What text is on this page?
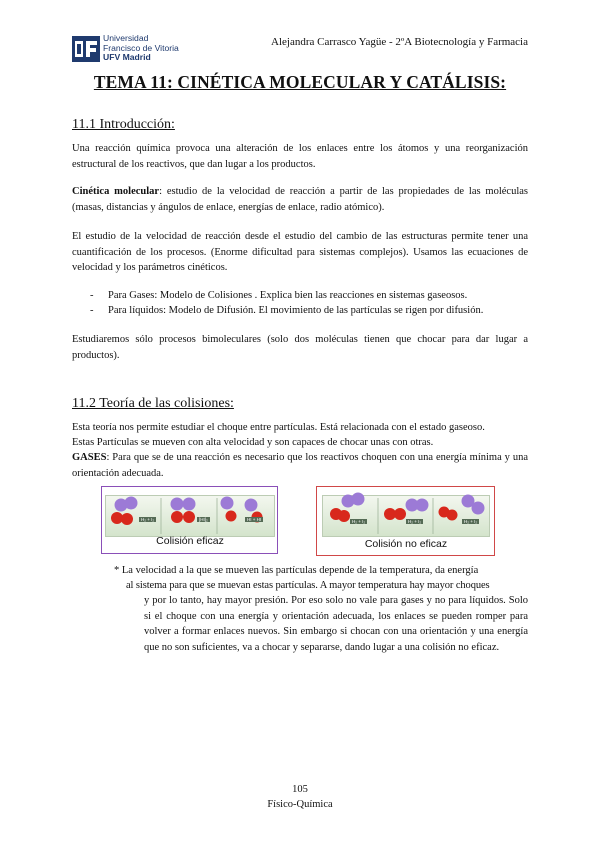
Universidad
Francisco de Vitoria
UFV Madrid
Alejandra Carrasco Yagüe - 2ºA Biotecnología y Farmacia
TEMA 11: CINÉTICA MOLECULAR Y CATÁLISIS:
11.1 Introducción:
Una reacción química provoca una alteración de los enlaces entre los átomos y una reorganización estructural de los reactivos, que dan lugar a los productos.
Cinética molecular: estudio de la velocidad de reacción a partir de las propiedades de las moléculas (masas, distancias y ángulos de enlace, energías de enlace, radio atómico).
El estudio de la velocidad de reacción desde el estudio del cambio de las estructuras permite tener una cuantificación de los procesos. (Enorme dificultad para sistemas complejos). Usamos las ecuaciones de velocidad y los parámetros cinéticos.
- Para Gases: Modelo de Colisiones . Explica bien las reacciones en sistemas gaseosos.
- Para líquidos: Modelo de Difusión. El movimiento de las partículas se rigen por difusión.
Estudiaremos sólo procesos bimoleculares (solo dos moléculas tienen que chocar para dar lugar a productos).
11.2 Teoría de las colisiones:
Esta teoría nos permite estudiar el choque entre partículas. Está relacionada con el estado gaseoso.
Estas Partículas se mueven con alta velocidad y son capaces de chocar unas con otras.
GASES: Para que se de una reacción es necesario que los reactivos choquen con una energía mínima y una orientación adecuada.
H₂ + I₂	[HI]₂	HI + HI
Colisión eficaz
H₂ + I₂	H₂ + I₂	H₂ + I₂
Colisión no eficaz
* La velocidad a la que se mueven las partículas depende de la temperatura, da energía
al sistema para que se muevan estas partículas. A mayor temperatura hay mayor choques
y por lo tanto, hay mayor presión. Por eso solo no vale para gases y no para líquidos. Solo si el choque con una energía y orientación adecuada, los enlaces se pueden romper para volver a formar enlaces nuevos. Sin embargo si chocan con una orientación y una energía que no son suficientes, va a chocar y separarse, dando lugar a una colisión no eficaz.
105
Físico-Química
